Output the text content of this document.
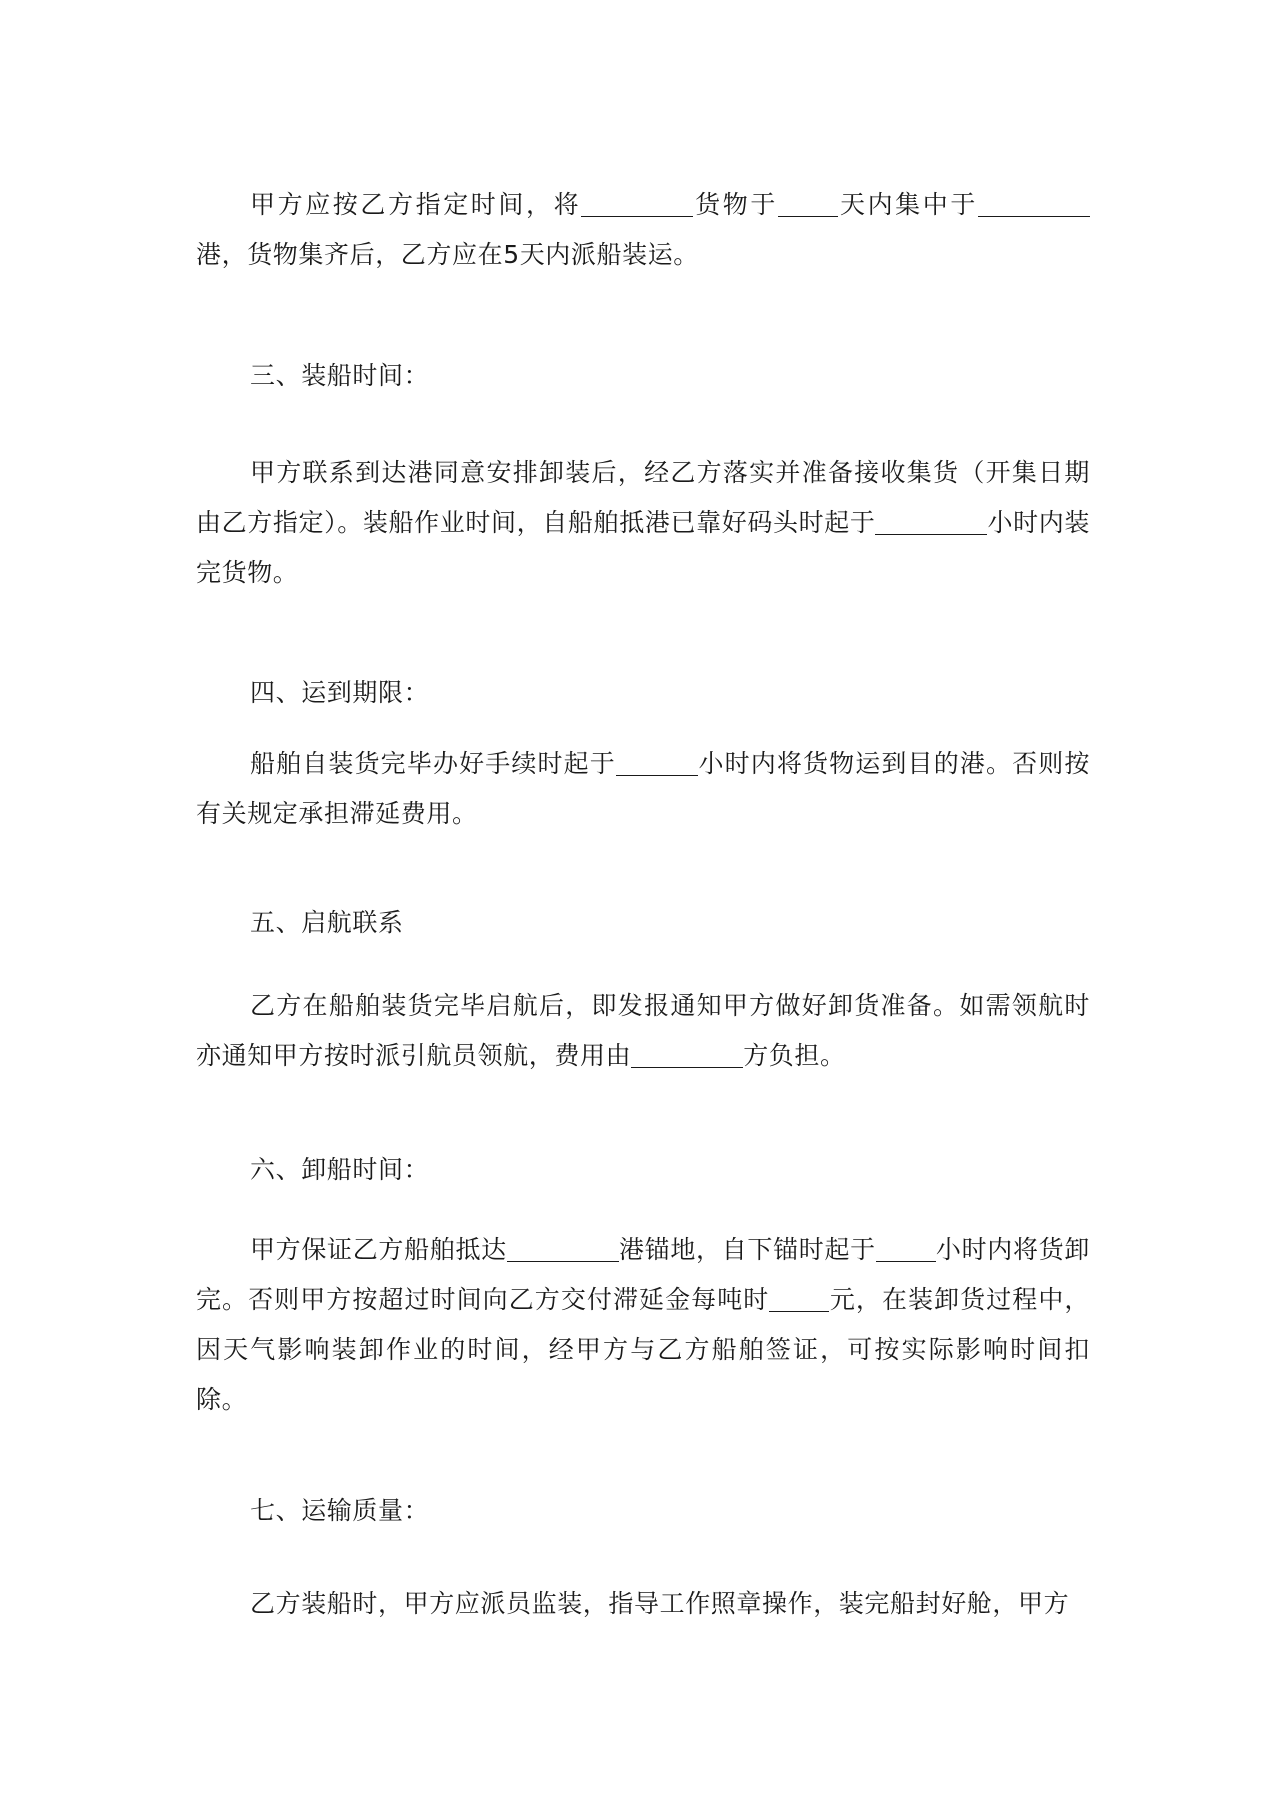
甲方应按乙方指定时间，将	货物于 天内集中于港，货物集齐后，乙方应在5天内派船装运。

三、装船时间：

甲方联系到达港同意安排卸装后，经乙方落实并准备接收集货（开集日期由乙方指定）。装船作业时间，自船舶抵港已靠好码头时起于	小时内装完货物。

四、运到期限：

船舶自装货完毕办好手续时起于	小时内将货物运到目的港。否则按有关规定承担滞延费用。

五、启航联系

乙方在船舶装货完毕启航后，即发报通知甲方做好卸货准备。如需领航时亦通知甲方按时派引航员领航，费用由	方负担。

六、卸船时间：

甲方保证乙方船舶抵达	港锚地，自下锚时起于 小时内将货卸完。否则甲方按超过时间向乙方交付滞延金每吨时 元，在装卸货过程中，因天气影响装卸作业的时间，经甲方与乙方船舶签证，可按实际影响时间扣除。

七、运输质量：

乙方装船时，甲方应派员监装，指导工作照章操作，装完船封好舱，甲方
